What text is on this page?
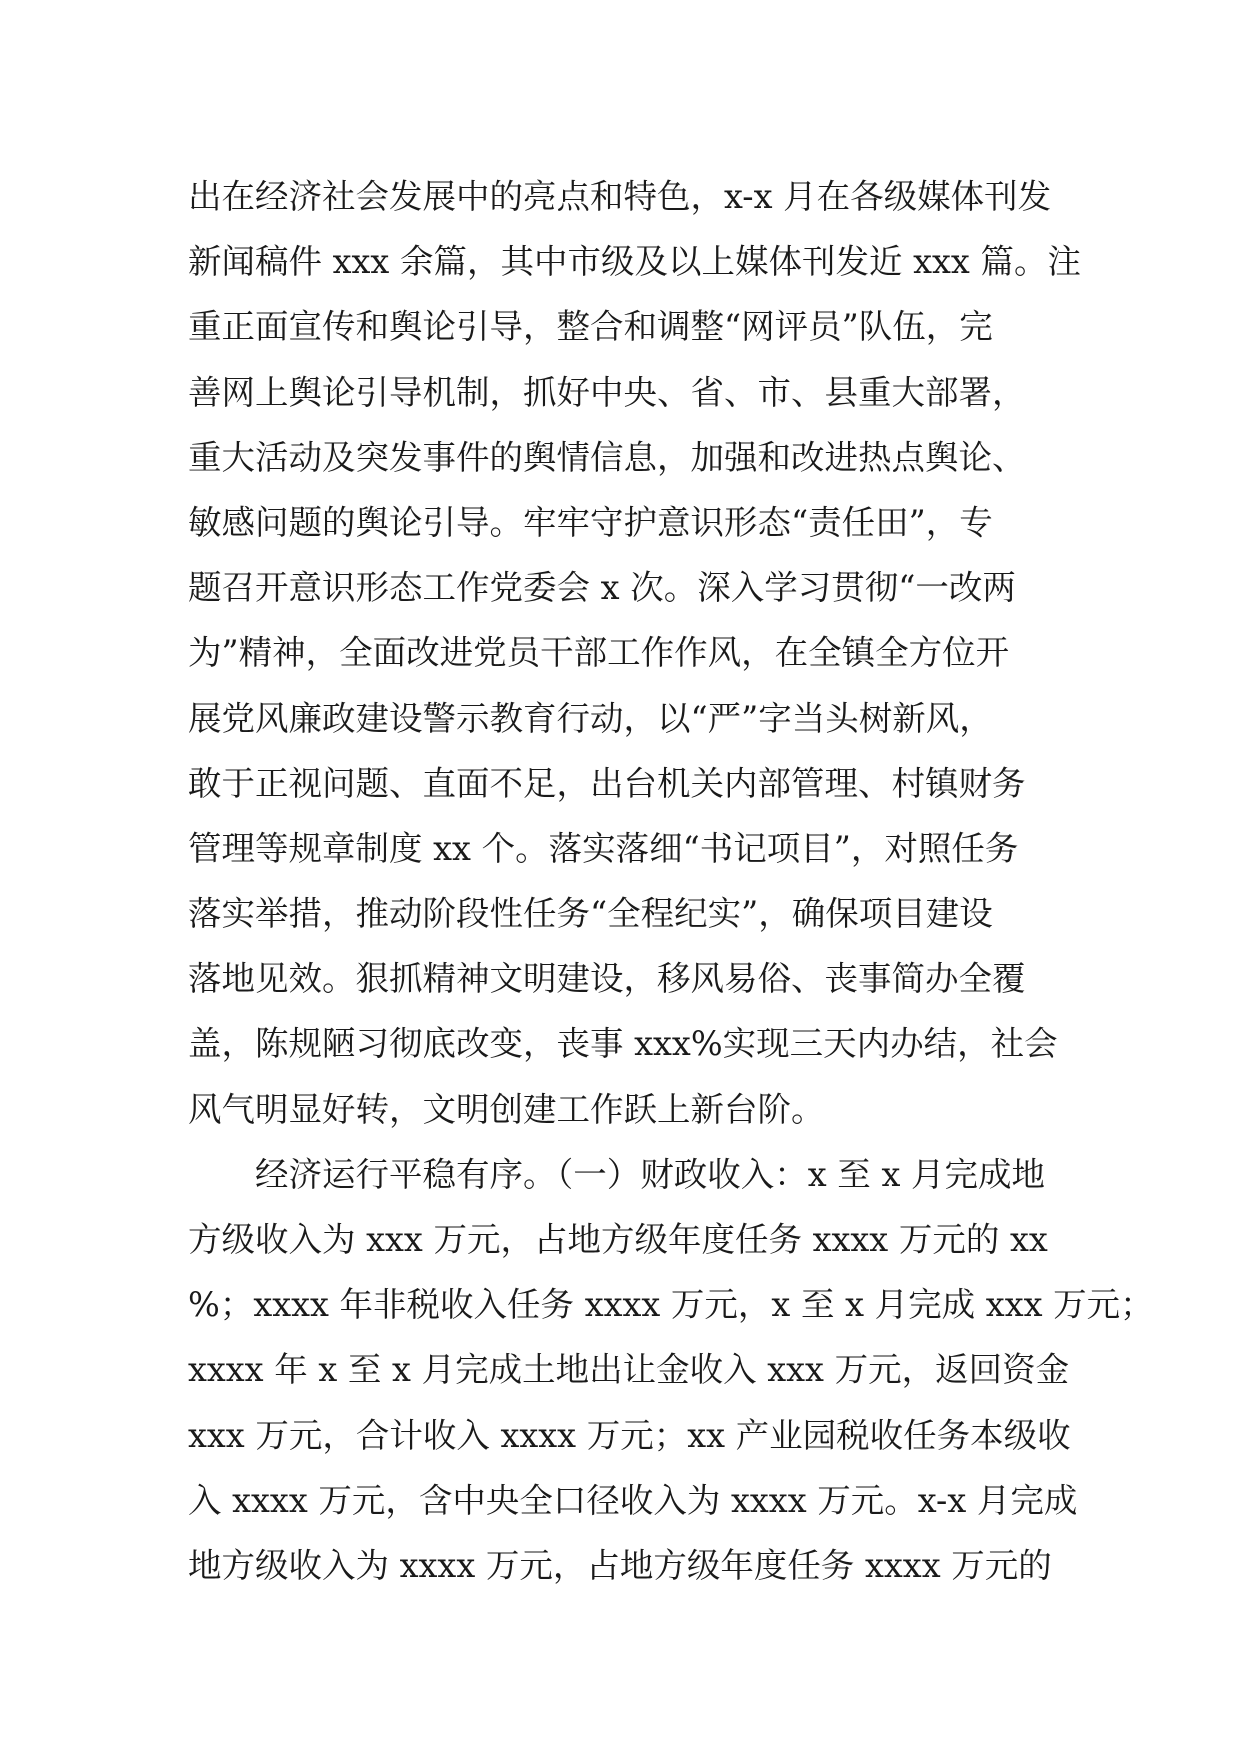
出在经济社会发展中的亮点和特色，x-x 月在各级媒体刊发
新闻稿件 xxx 余篇，其中市级及以上媒体刊发近 xxx 篇。注
重正面宣传和舆论引导，整合和调整“网评员”队伍，完
善网上舆论引导机制，抓好中央、省、市、县重大部署，
重大活动及突发事件的舆情信息，加强和改进热点舆论、
敏感问题的舆论引导。牢牢守护意识形态“责任田”，专
题召开意识形态工作党委会 x 次。深入学习贯彻“一改两
为”精神，全面改进党员干部工作作风，在全镇全方位开
展党风廉政建设警示教育行动，以“严”字当头树新风，
敢于正视问题、直面不足，出台机关内部管理、村镇财务
管理等规章制度 xx 个。落实落细“书记项目”，对照任务
落实举措，推动阶段性任务“全程纪实”，确保项目建设
落地见效。狠抓精神文明建设，移风易俗、丧事简办全覆
盖，陈规陋习彻底改变，丧事 xxx%实现三天内办结，社会
风气明显好转，文明创建工作跃上新台阶。
经济运行平稳有序。（一）财政收入：x 至 x 月完成地
方级收入为 xxx 万元，占地方级年度任务 xxxx 万元的 xx
%；xxxx 年非税收入任务 xxxx 万元，x 至 x 月完成 xxx 万元；
xxxx 年 x 至 x 月完成土地出让金收入 xxx 万元，返回资金
xxx 万元，合计收入 xxxx 万元；xx 产业园税收任务本级收
入 xxxx 万元，含中央全口径收入为 xxxx 万元。x-x 月完成
地方级收入为 xxxx 万元，占地方级年度任务 xxxx 万元的
